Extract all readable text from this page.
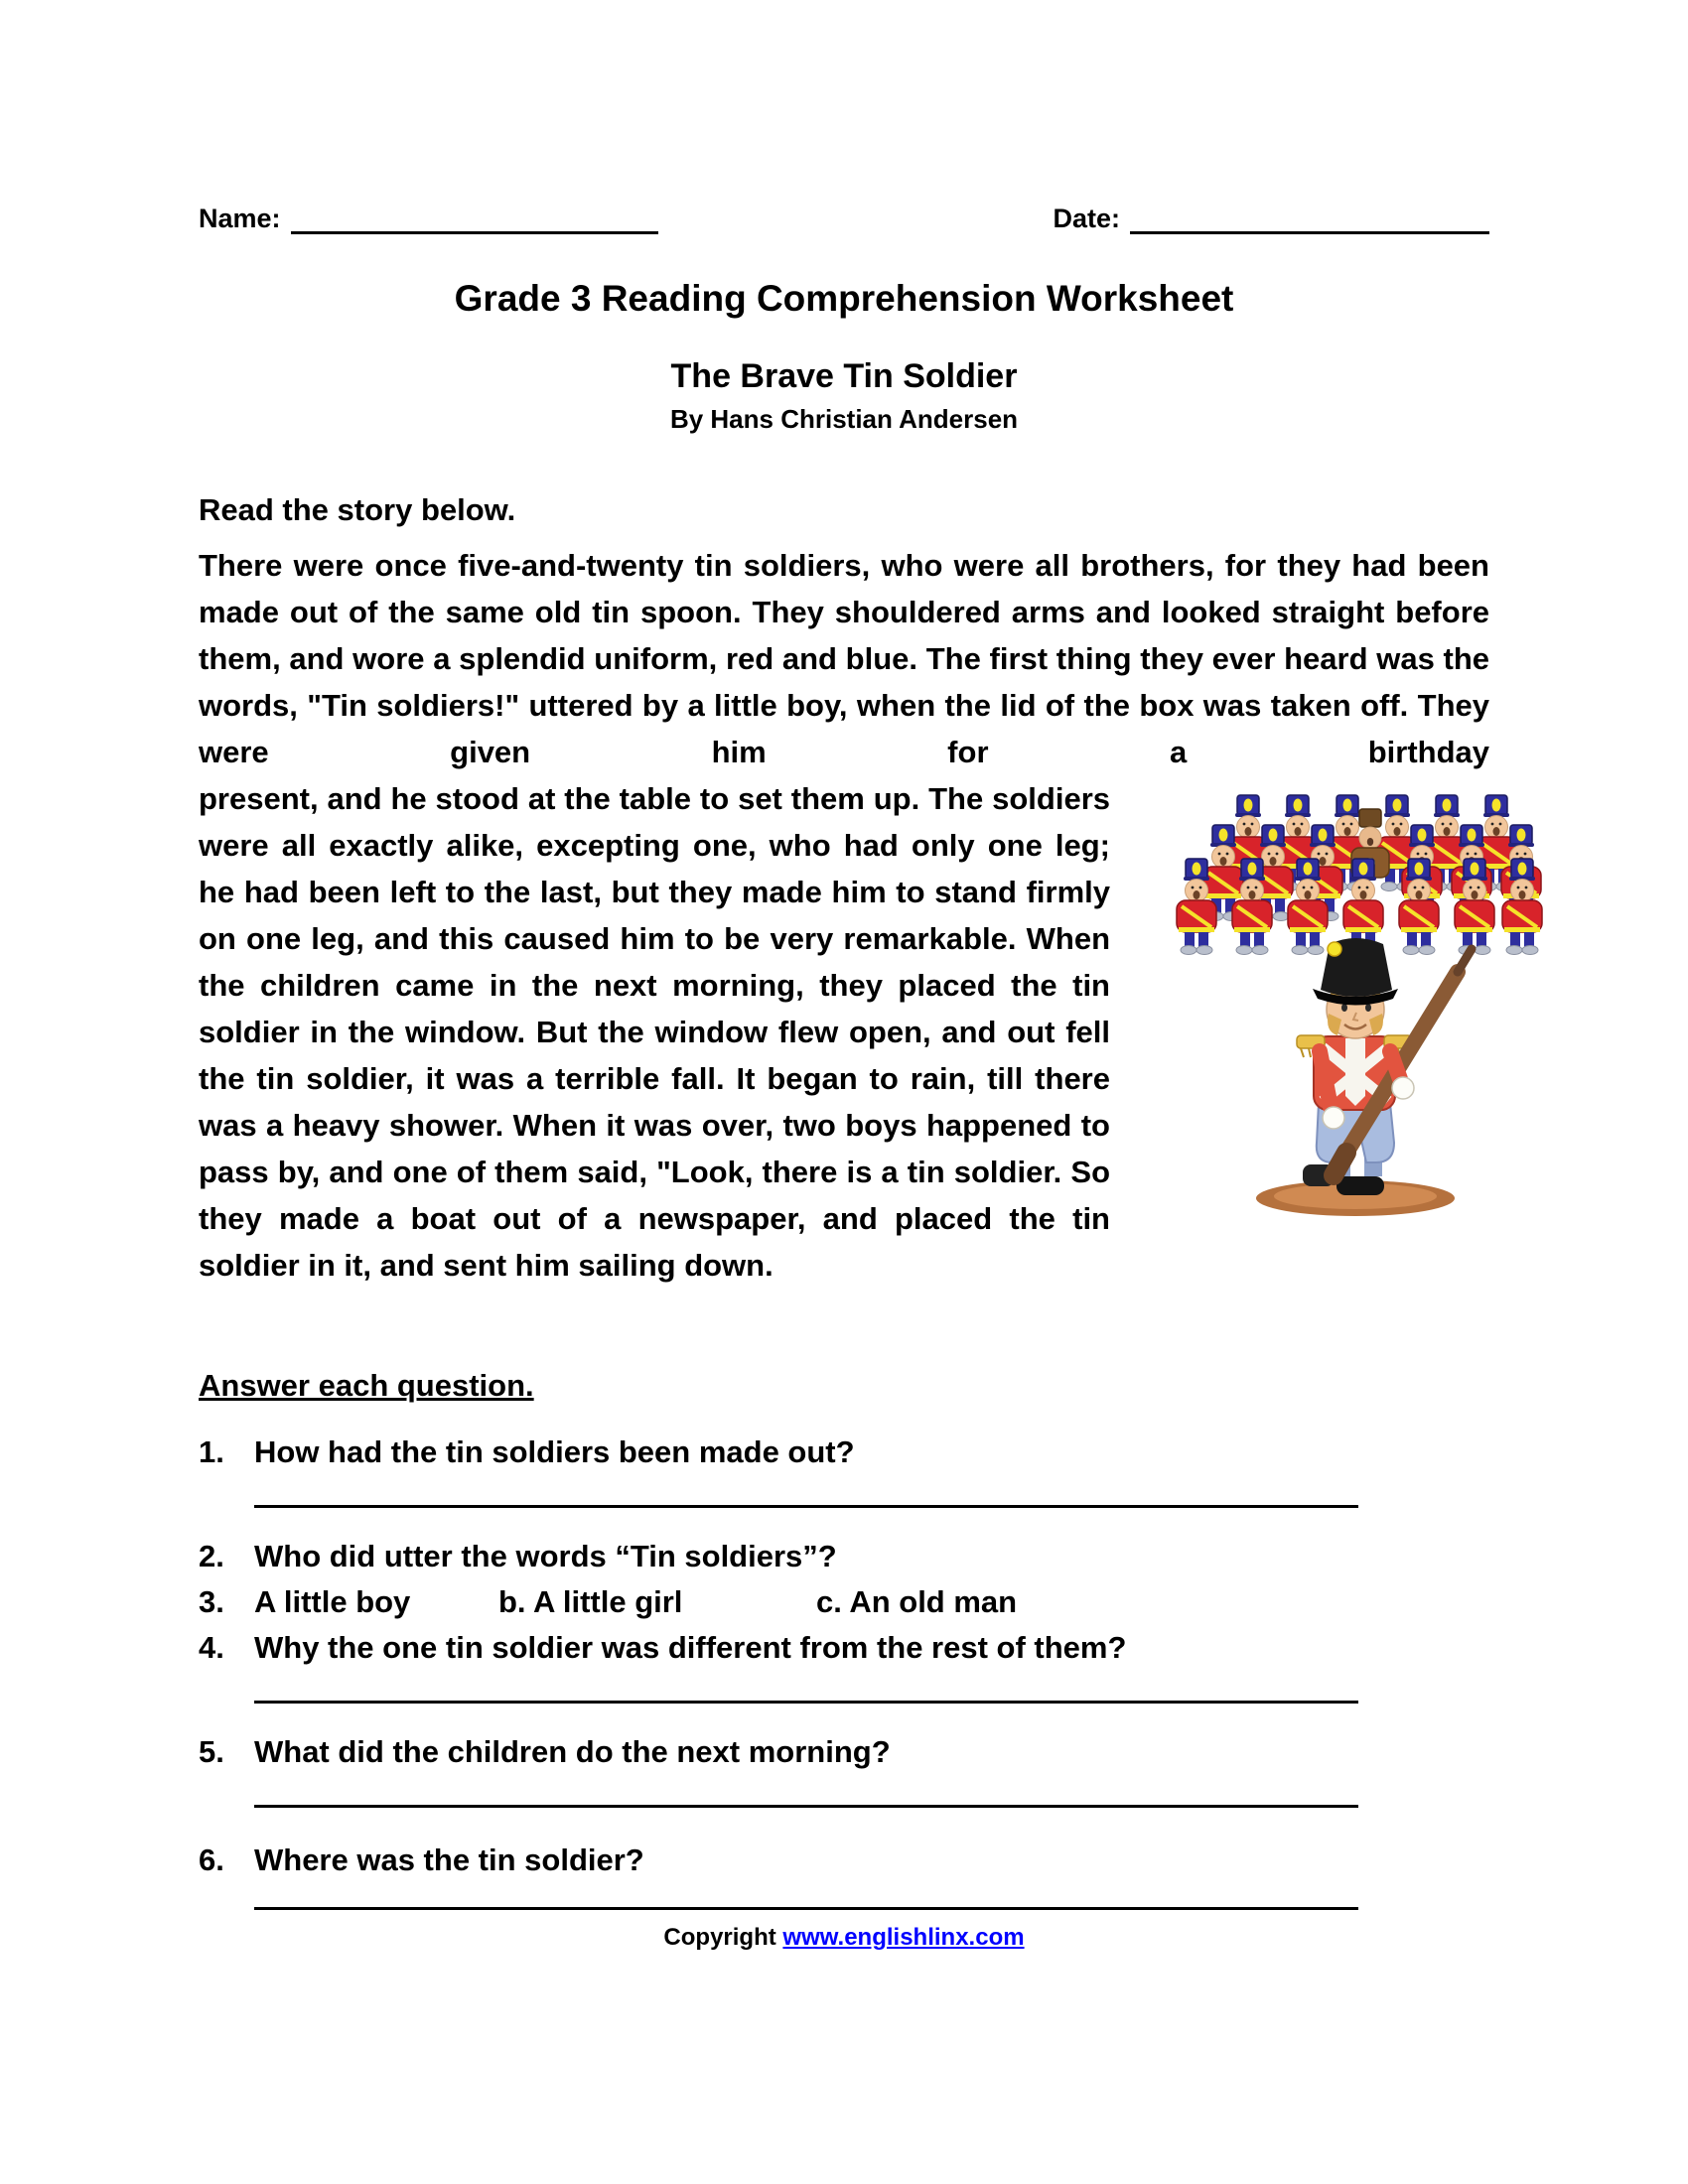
Name:	Date:
Grade 3 Reading Comprehension Worksheet
The Brave Tin Soldier
By Hans Christian Andersen

Read the story below.

There were once five-and-twenty tin soldiers, who were all brothers, for they had been made out of the same old tin spoon. They shouldered arms and looked straight before them, and wore a splendid uniform, red and blue. The first thing they ever heard was the words, "Tin soldiers!" uttered by a little boy, when the lid of the box was taken off. They were given him for a birthday

present, and he stood at the table to set them up. The soldiers were all exactly alike, excepting one, who had only one leg; he had been left to the last, but they made him to stand firmly on one leg, and this caused him to be very remarkable. When the children came in the next morning, they placed the tin soldier in the window. But the window flew open, and out fell the tin soldier, it was a terrible fall. It began to rain, till there was a heavy shower. When it was over, two boys happened to pass by, and one of them said, "Look, there is a tin soldier. So they made a boat out of a newspaper, and placed the tin soldier in it, and sent him sailing down.

Answer each question.

1. How had the tin soldiers been made out?
2. Who did utter the words “Tin soldiers”?
3. A little boy	b. A little girl	c. An old man
4. Why the one tin soldier was different from the rest of them?
5. What did the children do the next morning?
6. Where was the tin soldier?
Copyright www.englishlinx.com
